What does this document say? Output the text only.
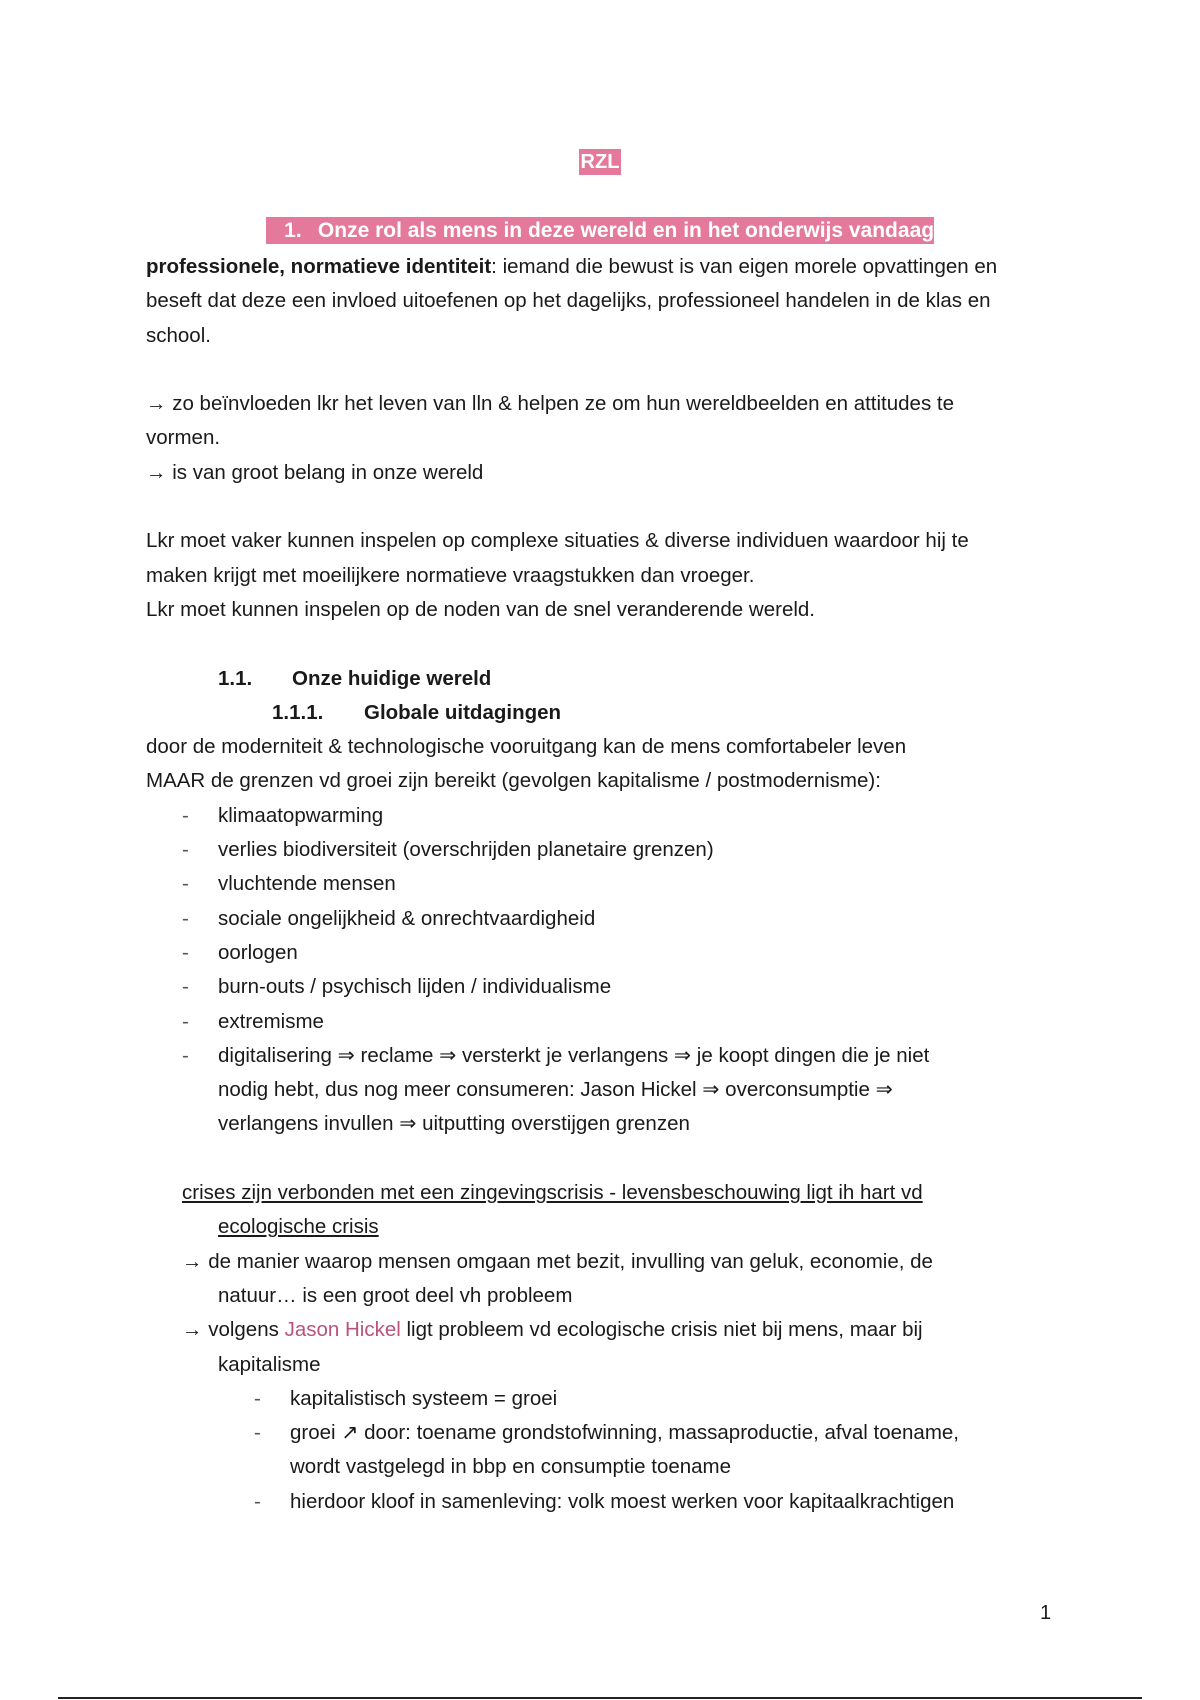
RZL
1. Onze rol als mens in deze wereld en in het onderwijs vandaag

professionele, normatieve identiteit: iemand die bewust is van eigen morele opvattingen en

beseft dat deze een invloed uitoefenen op het dagelijks, professioneel handelen in de klas en

school.

→ zo beïnvloeden lkr het leven van lln & helpen ze om hun wereldbeelden en attitudes te

vormen.

→ is van groot belang in onze wereld

Lkr moet vaker kunnen inspelen op complexe situaties & diverse individuen waardoor hij te

maken krijgt met moeilijkere normatieve vraagstukken dan vroeger.

Lkr moet kunnen inspelen op de noden van de snel veranderende wereld.

1.1. Onze huidige wereld

1.1.1. Globale uitdagingen

door de moderniteit & technologische vooruitgang kan de mens comfortabeler leven

MAAR de grenzen vd groei zijn bereikt (gevolgen kapitalisme / postmodernisme):

- klimaatopwarming
- verlies biodiversiteit (overschrijden planetaire grenzen)
- vluchtende mensen
- sociale ongelijkheid & onrechtvaardigheid
- oorlogen
- burn-outs / psychisch lijden / individualisme
- extremisme
- digitalisering ⇒ reclame ⇒ versterkt je verlangens ⇒ je koopt dingen die je niet
nodig hebt, dus nog meer consumeren: Jason Hickel ⇒ overconsumptie ⇒
verlangens invullen ⇒ uitputting overstijgen grenzen

crises zijn verbonden met een zingevingscrisis - levensbeschouwing ligt ih hart vd
ecologische crisis

→ de manier waarop mensen omgaan met bezit, invulling van geluk, economie, de
natuur… is een groot deel vh probleem

→ volgens Jason Hickel ligt probleem vd ecologische crisis niet bij mens, maar bij
kapitalisme

- kapitalistisch systeem = groei
- groei ↗ door: toename grondstofwinning, massaproductie, afval toename,
wordt vastgelegd in bbp en consumptie toename
- hierdoor kloof in samenleving: volk moest werken voor kapitaalkrachtigen
1
